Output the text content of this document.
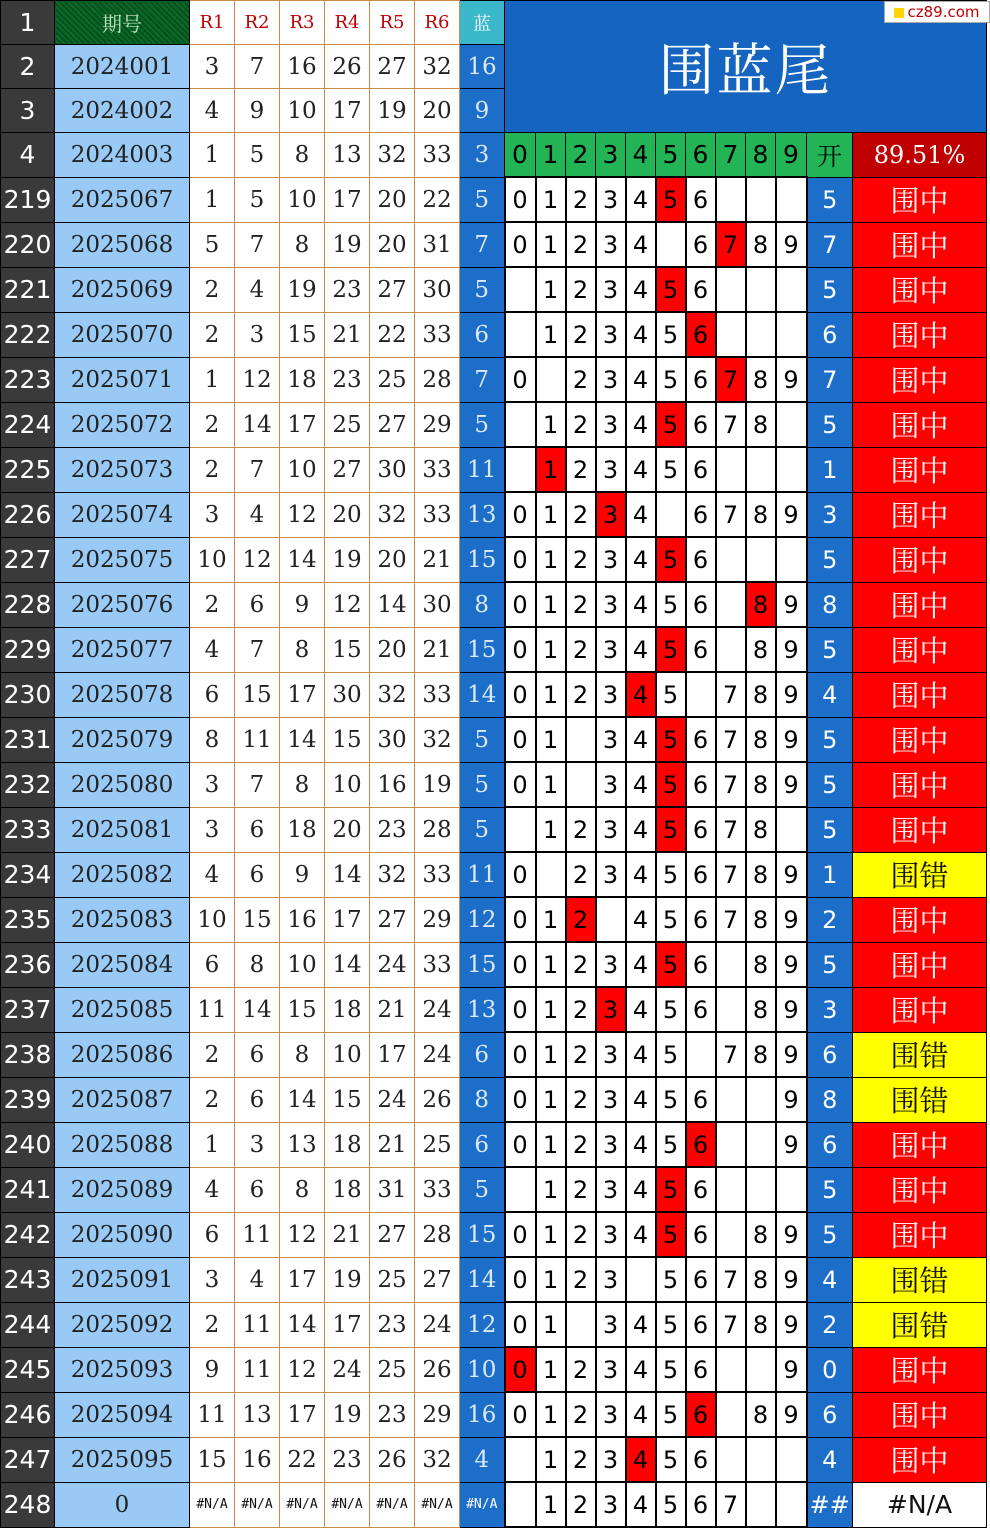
1	期号	R1	R2	R3	R4	R5	R6	蓝	围蓝尾											
2	2024001	3	7	16	26	27	32	16												
3	2024002	4	9	10	17	19	20	9												
4	2024003	1	5	8	13	32	33	3	0	1	2	3	4	5	6	7	8	9	开	89.51%
219	2025067	1	5	10	17	20	22	5	0	1	2	3	4	5	6				5	围中
220	2025068	5	7	8	19	20	31	7	0	1	2	3	4		6	7	8	9	7	围中
221	2025069	2	4	19	23	27	30	5		1	2	3	4	5	6				5	围中
222	2025070	2	3	15	21	22	33	6		1	2	3	4	5	6				6	围中
223	2025071	1	12	18	23	25	28	7	0		2	3	4	5	6	7	8	9	7	围中
224	2025072	2	14	17	25	27	29	5		1	2	3	4	5	6	7	8		5	围中
225	2025073	2	7	10	27	30	33	11		1	2	3	4	5	6				1	围中
226	2025074	3	4	12	20	32	33	13	0	1	2	3	4		6	7	8	9	3	围中
227	2025075	10	12	14	19	20	21	15	0	1	2	3	4	5	6				5	围中
228	2025076	2	6	9	12	14	30	8	0	1	2	3	4	5	6		8	9	8	围中
229	2025077	4	7	8	15	20	21	15	0	1	2	3	4	5	6		8	9	5	围中
230	2025078	6	15	17	30	32	33	14	0	1	2	3	4	5		7	8	9	4	围中
231	2025079	8	11	14	15	30	32	5	0	1		3	4	5	6	7	8	9	5	围中
232	2025080	3	7	8	10	16	19	5	0	1		3	4	5	6	7	8	9	5	围中
233	2025081	3	6	18	20	23	28	5		1	2	3	4	5	6	7	8		5	围中
234	2025082	4	6	9	14	32	33	11	0		2	3	4	5	6	7	8	9	1	围错
235	2025083	10	15	16	17	27	29	12	0	1	2		4	5	6	7	8	9	2	围中
236	2025084	6	8	10	14	24	33	15	0	1	2	3	4	5	6		8	9	5	围中
237	2025085	11	14	15	18	21	24	13	0	1	2	3	4	5	6		8	9	3	围中
238	2025086	2	6	8	10	17	24	6	0	1	2	3	4	5		7	8	9	6	围错
239	2025087	2	6	14	15	24	26	8	0	1	2	3	4	5	6			9	8	围错
240	2025088	1	3	13	18	21	25	6	0	1	2	3	4	5	6			9	6	围中
241	2025089	4	6	8	18	31	33	5		1	2	3	4	5	6				5	围中
242	2025090	6	11	12	21	27	28	15	0	1	2	3	4	5	6		8	9	5	围中
243	2025091	3	4	17	19	25	27	14	0	1	2	3		5	6	7	8	9	4	围错
244	2025092	2	11	14	17	23	24	12	0	1		3	4	5	6	7	8	9	2	围错
245	2025093	9	11	12	24	25	26	10	0	1	2	3	4	5	6			9	0	围中
246	2025094	11	13	17	19	23	29	16	0	1	2	3	4	5	6		8	9	6	围中
247	2025095	15	16	22	23	26	32	4		1	2	3	4	5	6				4	围中
248	0	#N/A	#N/A	#N/A	#N/A	#N/A	#N/A	#N/A		1	2	3	4	5	6	7			##	#N/A
cz89.com
